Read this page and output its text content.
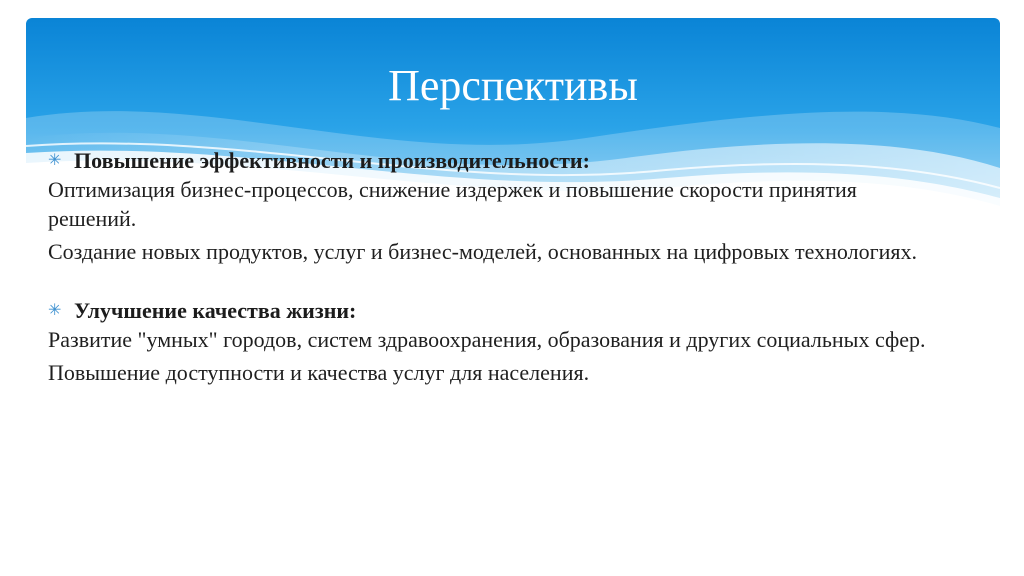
Перспективы
✳ Повышение эффективности и производительности:

Оптимизация бизнес-процессов, снижение издержек и повышение скорости принятия решений.

Создание новых продуктов, услуг и бизнес-моделей, основанных на цифровых технологиях.

✳ Улучшение качества жизни:

Развитие "умных" городов, систем здравоохранения, образования и других социальных сфер.

Повышение доступности и качества услуг для населения.
